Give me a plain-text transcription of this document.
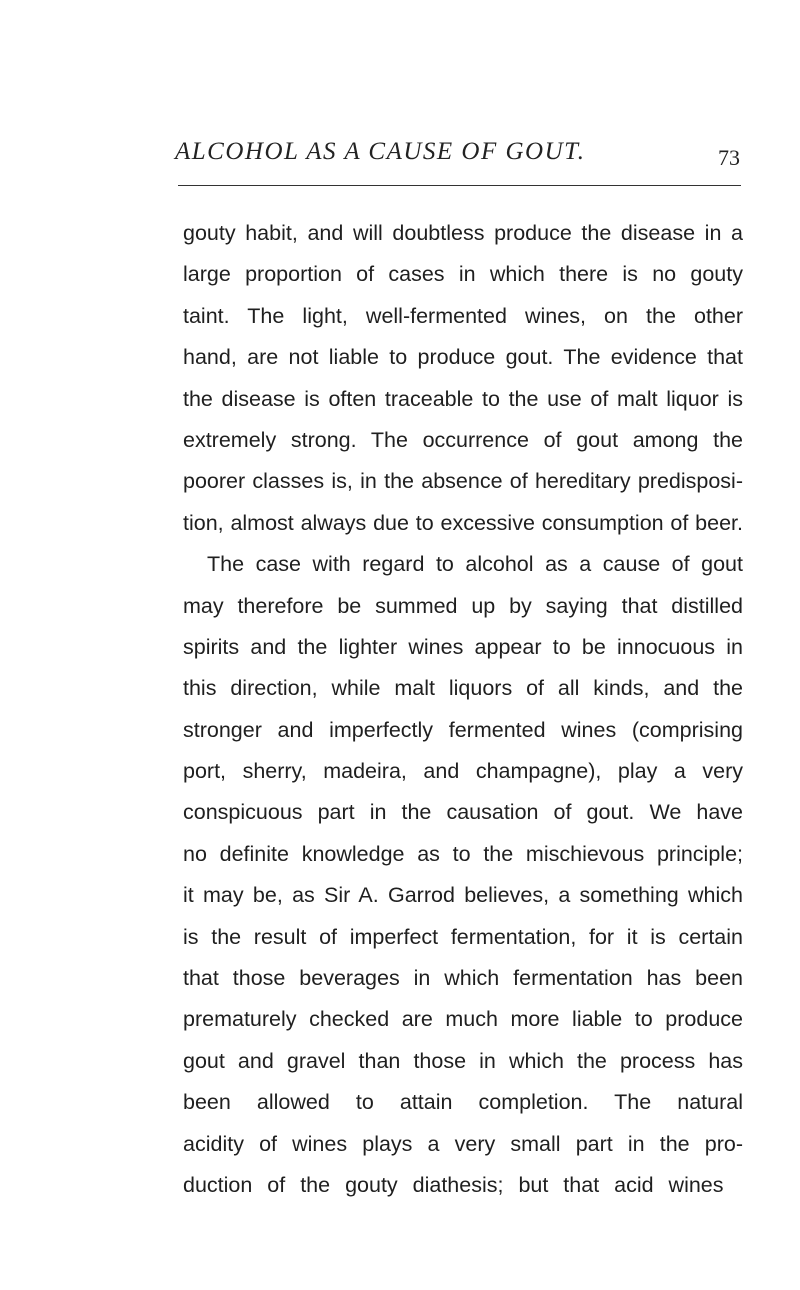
ALCOHOL AS A CAUSE OF GOUT.	73
gouty habit, and will doubtless produce the disease in a
large proportion of cases in which there is no gouty
taint. The light, well-fermented wines, on the other
hand, are not liable to produce gout. The evidence that
the disease is often traceable to the use of malt liquor is
extremely strong. The occurrence of gout among the
poorer classes is, in the absence of hereditary predisposi-
tion, almost always due to excessive consumption of beer.
The case with regard to alcohol as a cause of gout
may therefore be summed up by saying that distilled
spirits and the lighter wines appear to be innocuous in
this direction, while malt liquors of all kinds, and the
stronger and imperfectly fermented wines (comprising
port, sherry, madeira, and champagne), play a very
conspicuous part in the causation of gout. We have
no definite knowledge as to the mischievous principle;
it may be, as Sir A. Garrod believes, a something which
is the result of imperfect fermentation, for it is certain
that those beverages in which fermentation has been
prematurely checked are much more liable to produce
gout and gravel than those in which the process has
been allowed to attain completion. The natural
acidity of wines plays a very small part in the pro-
duction of the gouty diathesis; but that acid wines
